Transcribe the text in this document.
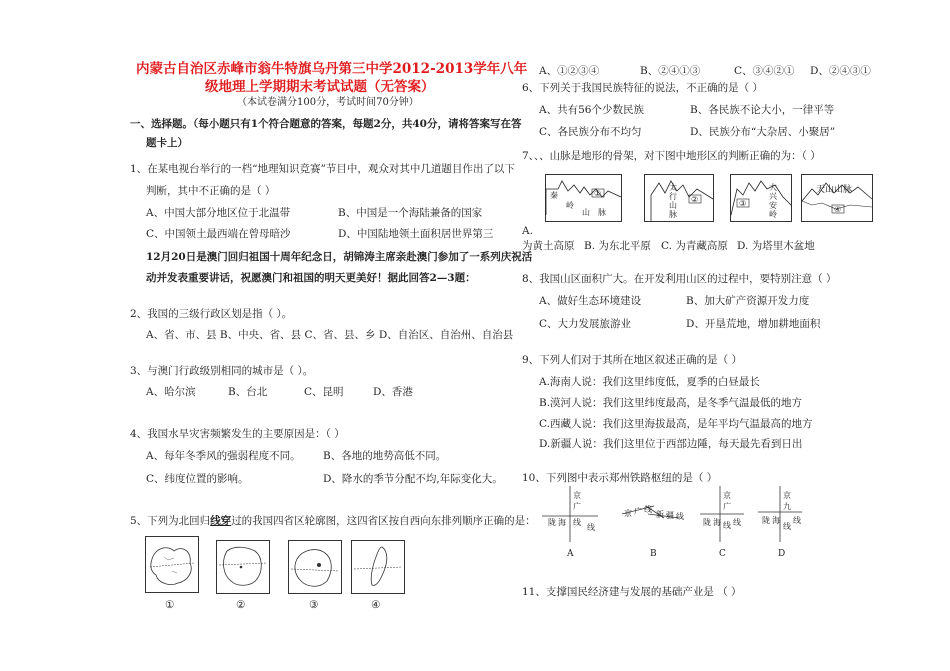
内蒙古自治区赤峰市翁牛特旗乌丹第三中学2012-2013学年八年
级地理上学期期末考试试题（无答案）
（本试卷满分100分，考试时间70分钟）
一、选择题。（每小题只有1个符合题意的答案，每题2分，共40分，请将答案写在答
题卡上）
1、在某电视台举行的一档“地理知识竞赛”节目中，观众对其中几道题目作出了以下
判断，其中不正确的是（ ）
A、中国大部分地区位于北温带	B、中国是一个海陆兼备的国家
C、中国领土最西端在曾母暗沙	D、中国陆地领土面积居世界第三
12月20日是澳门回归祖国十周年纪念日，胡锦涛主席亲赴澳门参加了一系列庆祝活
动并发表重要讲话，祝愿澳门和祖国的明天更美好！据此回答2—3题：
2、我国的三级行政区划是指（ ）。
A、省、市、县 B、中央、省、县 C、省、县、乡 D、自治区、自治州、自治县
3、与澳门行政级别相同的城市是（ ）。
A、哈尔滨	B、台北	C、昆明	D、香港
4、我国水旱灾害频繁发生的主要原因是：（ ）
A、每年冬季风的强弱程度不同。 B、各地的地势高低不同。
C、纬度位置的影响。	D、降水的季节分配不均,年际变化大。
5、下列为北回归线穿过的我国四省区轮廓图，这四省区按自西向东排列顺序正确的是：
①	②	③	④
A、①②③④	B、②④①③	C、③④②① D、②④③①
6、下列关于我国民族特征的说法，不正确的是（ ）
A、共有56个少数民族	B、各民族不论大小，一律平等
C、各民族分布不均匀	D、民族分布“大杂居、小聚居”
7、、、山脉是地形的骨架，对下图中地形区的判断正确的为：（ ）
秦
岭
山 脉
①
太
行
山
脉
②
大
兴
安
岭
③
天山山脉
④
A.
为黄土高原 B. 为东北平原 C. 为青藏高原 D. 为塔里木盆地
8、我国山区面积广大。在开发利用山区的过程中，要特别注意（ ）
A、做好生态环境建设	B、加大矿产资源开发力度
C、大力发展旅游业	D、开垦荒地，增加耕地面积
9、下列人们对于其所在地区叙述正确的是（ ）
A.海南人说：我们这里纬度低，夏季的白昼最长
B.漠河人说：我们这里纬度最高，是冬季气温最低的地方
C.西藏人说：我们这里海拔最高，是年平均气温最高的地方
D.新疆人说：我们这里位于西部边陲，每天最先看到日出
10、下列图中表示郑州铁路枢纽的是（ ）
京
广
陇 海 线
线
京 广 线
新 疆 线
京
广
线
陇 海 线
京
九
线
陇 海 线
A	B	C	D
11、支撑国民经济建与发展的基础产业是 （ ）
